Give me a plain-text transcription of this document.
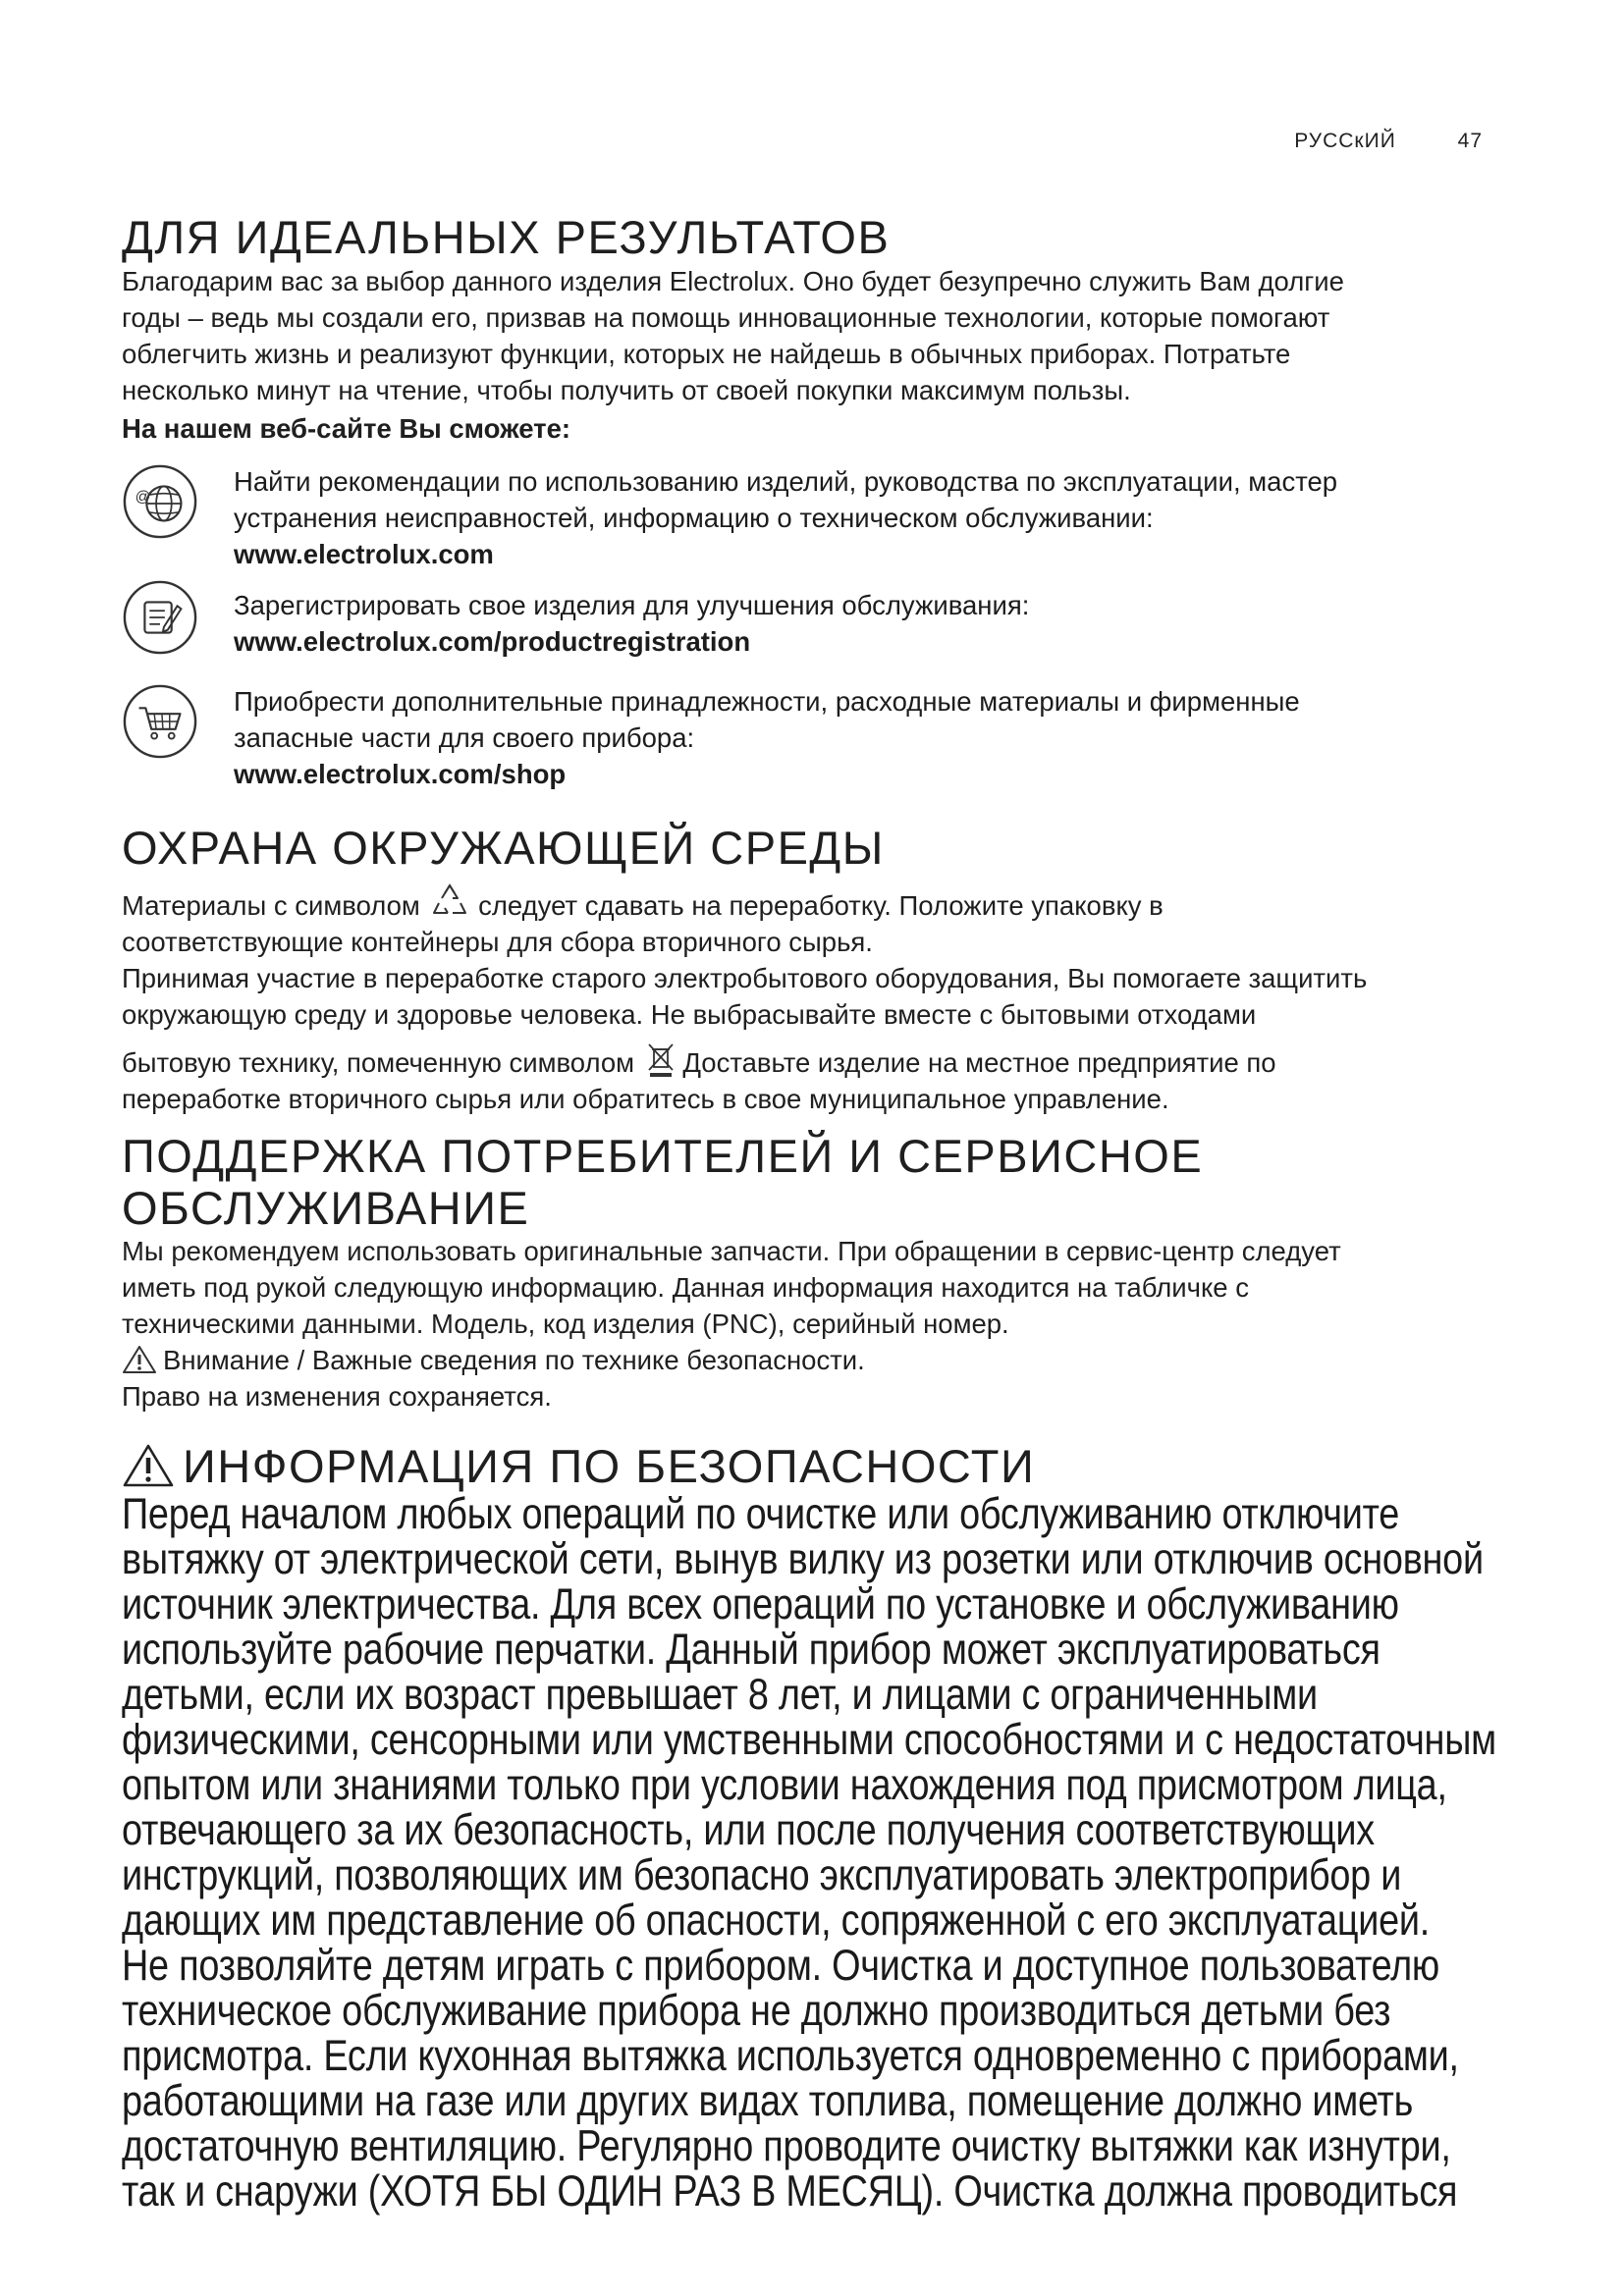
РУССкИЙ	47
ДЛЯ ИДЕАЛЬНЫХ РЕЗУЛЬТАТОВ
Благодарим вас за выбор данного изделия Electrolux. Оно будет безупречно служить Вам долгие
годы – ведь мы создали его, призвав на помощь инновационные технологии, которые помогают
облегчить жизнь и реализуют функции, которых не найдешь в обычных приборах. Потратьте
несколько минут на чтение, чтобы получить от своей покупки максимум пользы.
На нашем веб-сайте Вы сможете:
@
Найти рекомендации по использованию изделий, руководства по эксплуатации, мастер
устранения неисправностей, информацию о техническом обслуживании:
www.electrolux.com
Зарегистрировать свое изделия для улучшения обслуживания:
www.electrolux.com/productregistration
Приобрести дополнительные принадлежности, расходные материалы и фирменные
запасные части для своего прибора:
www.electrolux.com/shop
ОХРАНА ОКРУЖАЮЩЕЙ СРЕДЫ
Материалы с символом следует сдавать на переработку. Положите упаковку в
соответствующие контейнеры для сбора вторичного сырья.
Принимая участие в переработке старого электробытового оборудования, Вы помогаете защитить
окружающую среду и здоровье человека. Не выбрасывайте вместе с бытовыми отходами
бытовую технику, помеченную символом Доставьте изделие на местное предприятие по
переработке вторичного сырья или обратитесь в свое муниципальное управление.
ПОДДЕРЖКА ПОТРЕБИТЕЛЕЙ И СЕРВИСНОЕ
ОБСЛУЖИВАНИЕ
Мы рекомендуем использовать оригинальные запчасти. При обращении в сервис-центр следует
иметь под рукой следующую информацию. Данная информация находится на табличке с
техническими данными. Модель, код изделия (PNC), серийный номер.
Внимание / Важные сведения по технике безопасности.
Право на изменения сохраняется.
ИНФОРМАЦИЯ ПО БЕЗОПАСНОСТИ
Перед началом любых операций по очистке или обслуживанию отключите
вытяжку от электрической сети, вынув вилку из розетки или отключив основной
источник электричества. Для всех операций по установке и обслуживанию
используйте рабочие перчатки. Данный прибор может эксплуатироваться
детьми, если их возраст превышает 8 лет, и лицами с ограниченными
физическими, сенсорными или умственными способностями и с недостаточным
опытом или знаниями только при условии нахождения под присмотром лица,
отвечающего за их безопасность, или после получения соответствующих
инструкций, позволяющих им безопасно эксплуатировать электроприбор и
дающих им представление об опасности, сопряженной с его эксплуатацией.
Не позволяйте детям играть с прибором. Очистка и доступное пользователю
техническое обслуживание прибора не должно производиться детьми без
присмотра. Если кухонная вытяжка используется одновременно с приборами,
работающими на газе или других видах топлива, помещение должно иметь
достаточную вентиляцию. Регулярно проводите очистку вытяжки как изнутри,
так и снаружи (ХОТЯ БЫ ОДИН РАЗ В МЕСЯЦ). Очистка должна проводиться
